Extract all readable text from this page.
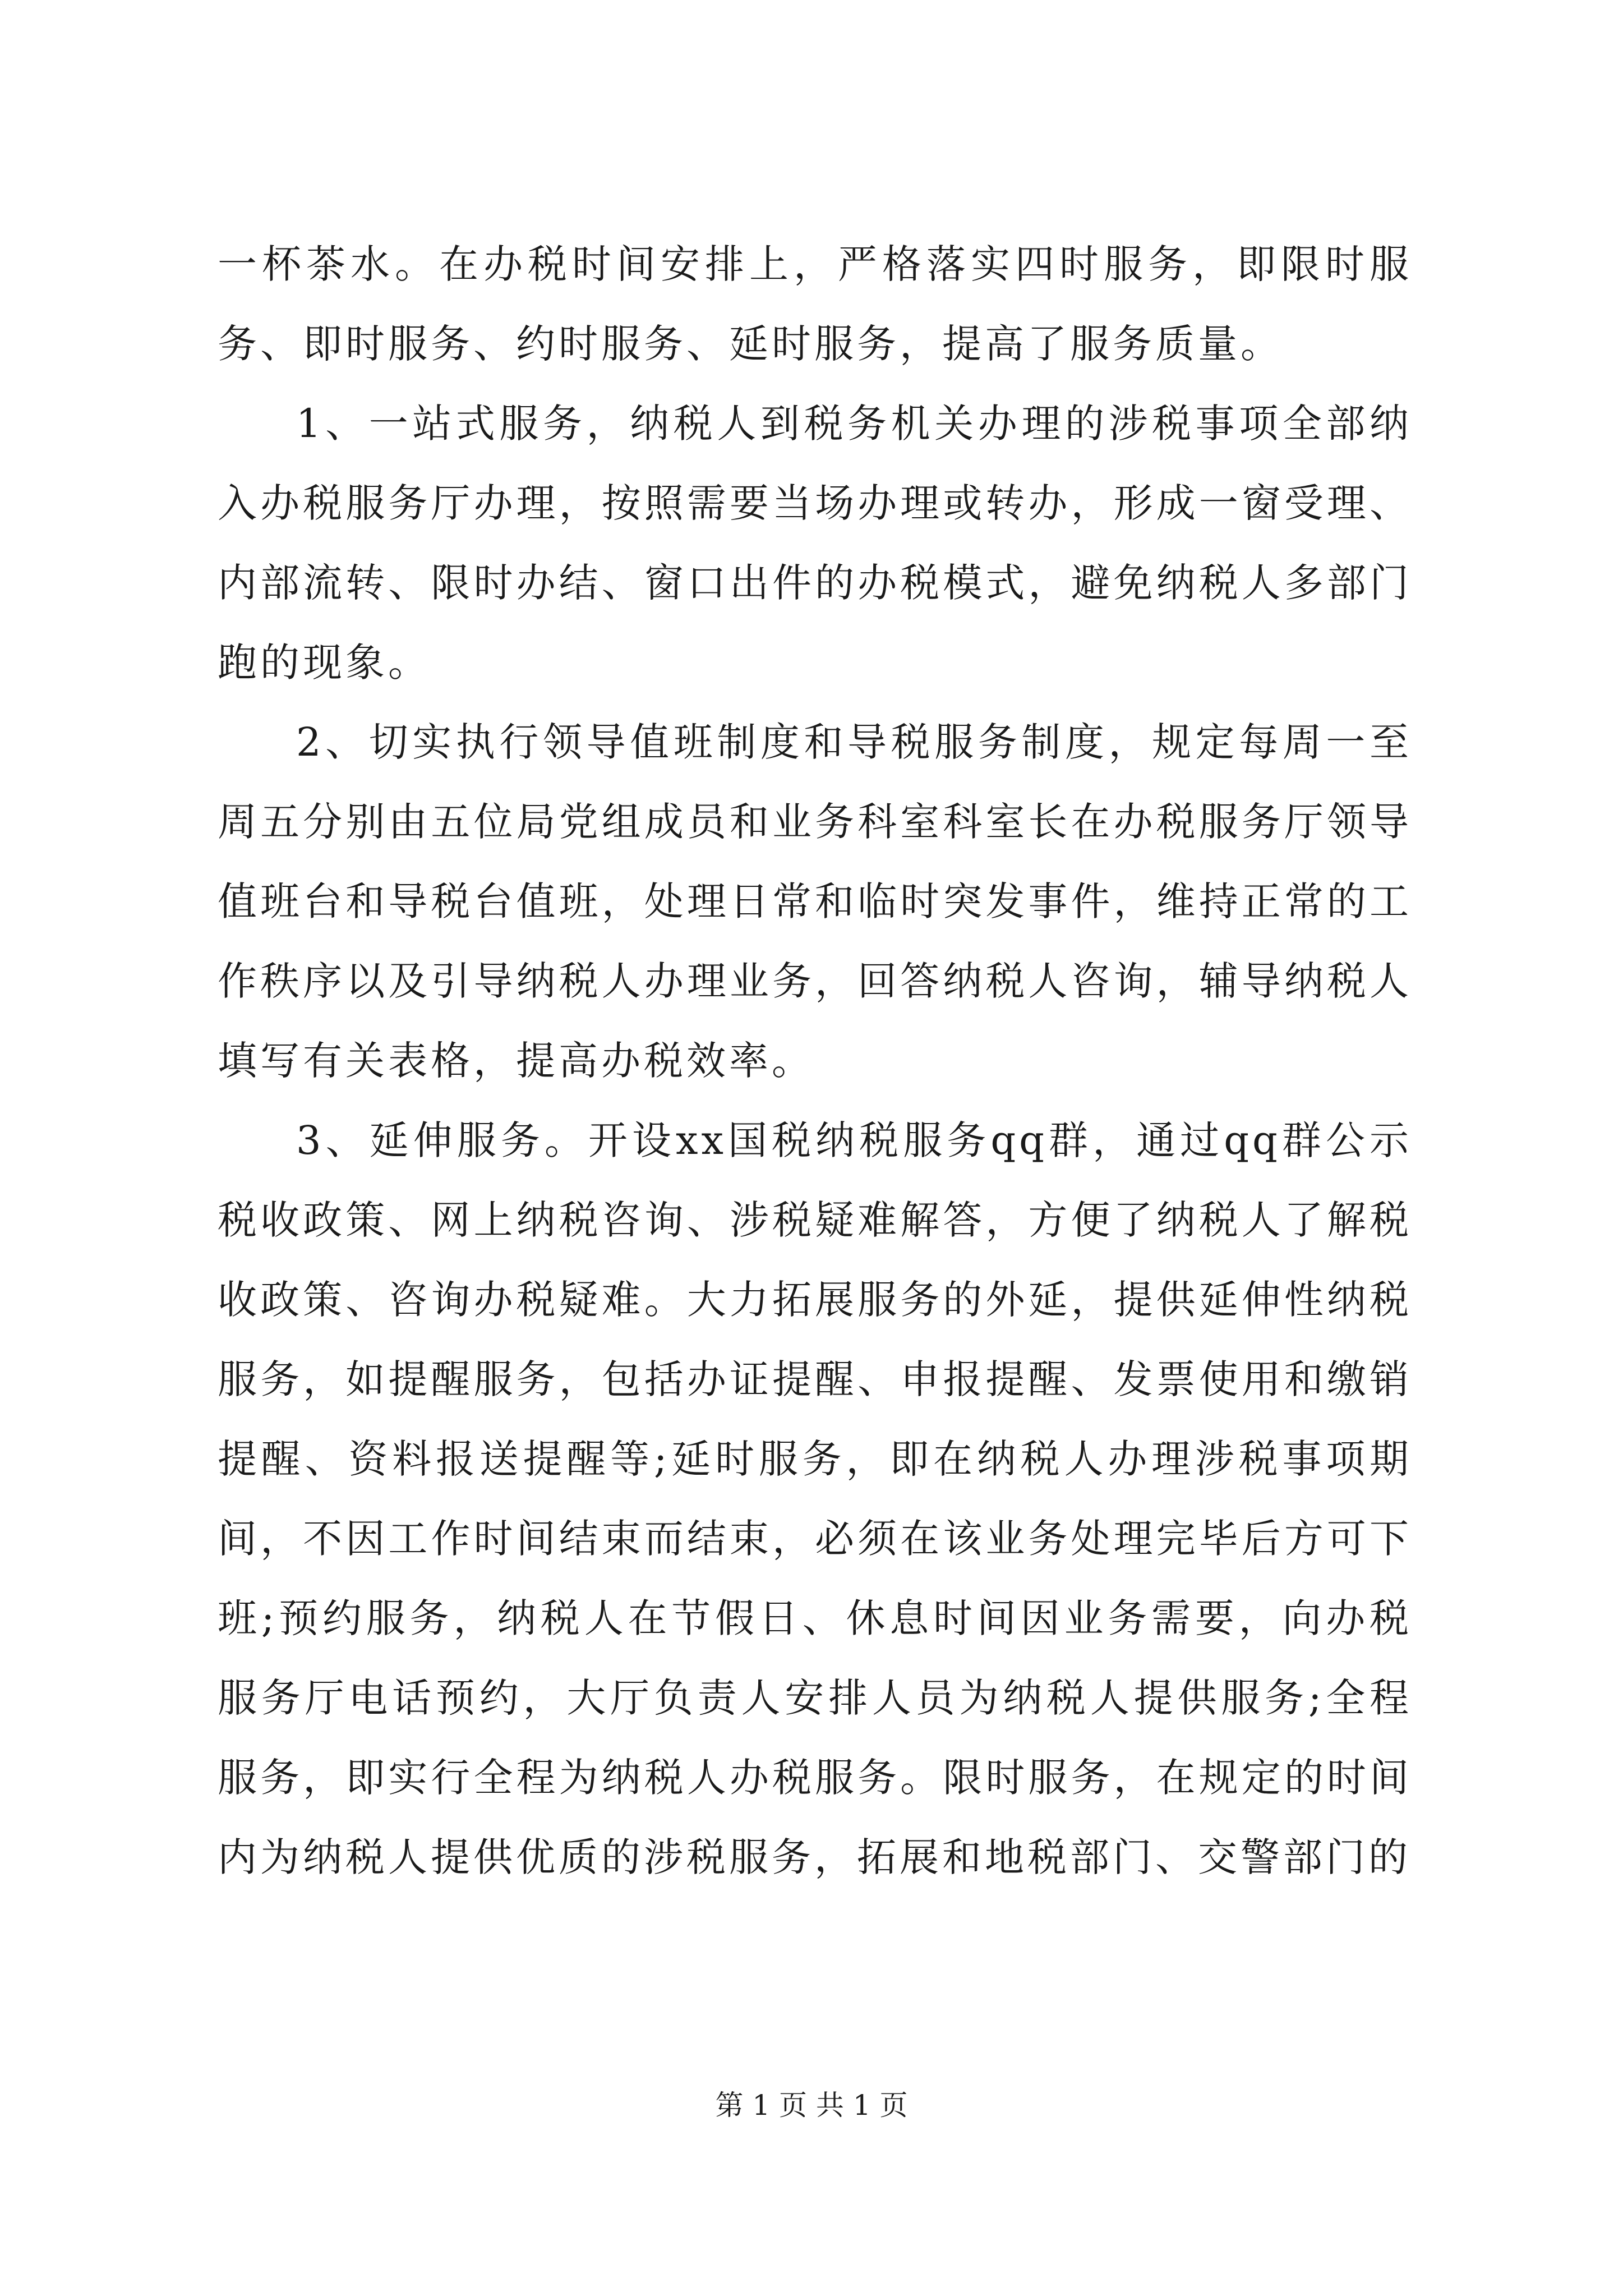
一杯茶水。在办税时间安排上，严格落实四时服务，即限时服务、即时服务、约时服务、延时服务，提高了服务质量。

1、一站式服务，纳税人到税务机关办理的涉税事项全部纳入办税服务厅办理，按照需要当场办理或转办，形成一窗受理、内部流转、限时办结、窗口出件的办税模式，避免纳税人多部门跑的现象。

2、切实执行领导值班制度和导税服务制度，规定每周一至周五分别由五位局党组成员和业务科室科室长在办税服务厅领导值班台和导税台值班，处理日常和临时突发事件，维持正常的工作秩序以及引导纳税人办理业务，回答纳税人咨询，辅导纳税人填写有关表格，提高办税效率。

3、延伸服务。开设xx国税纳税服务qq群，通过qq群公示税收政策、网上纳税咨询、涉税疑难解答，方便了纳税人了解税收政策、咨询办税疑难。大力拓展服务的外延，提供延伸性纳税服务，如提醒服务，包括办证提醒、申报提醒、发票使用和缴销提醒、资料报送提醒等;延时服务，即在纳税人办理涉税事项期间，不因工作时间结束而结束，必须在该业务处理完毕后方可下班;预约服务，纳税人在节假日、休息时间因业务需要，向办税服务厅电话预约，大厅负责人安排人员为纳税人提供服务;全程服务，即实行全程为纳税人办税服务。限时服务，在规定的时间内为纳税人提供优质的涉税服务，拓展和地税部门、交警部门的

第 1 页 共 1 页
